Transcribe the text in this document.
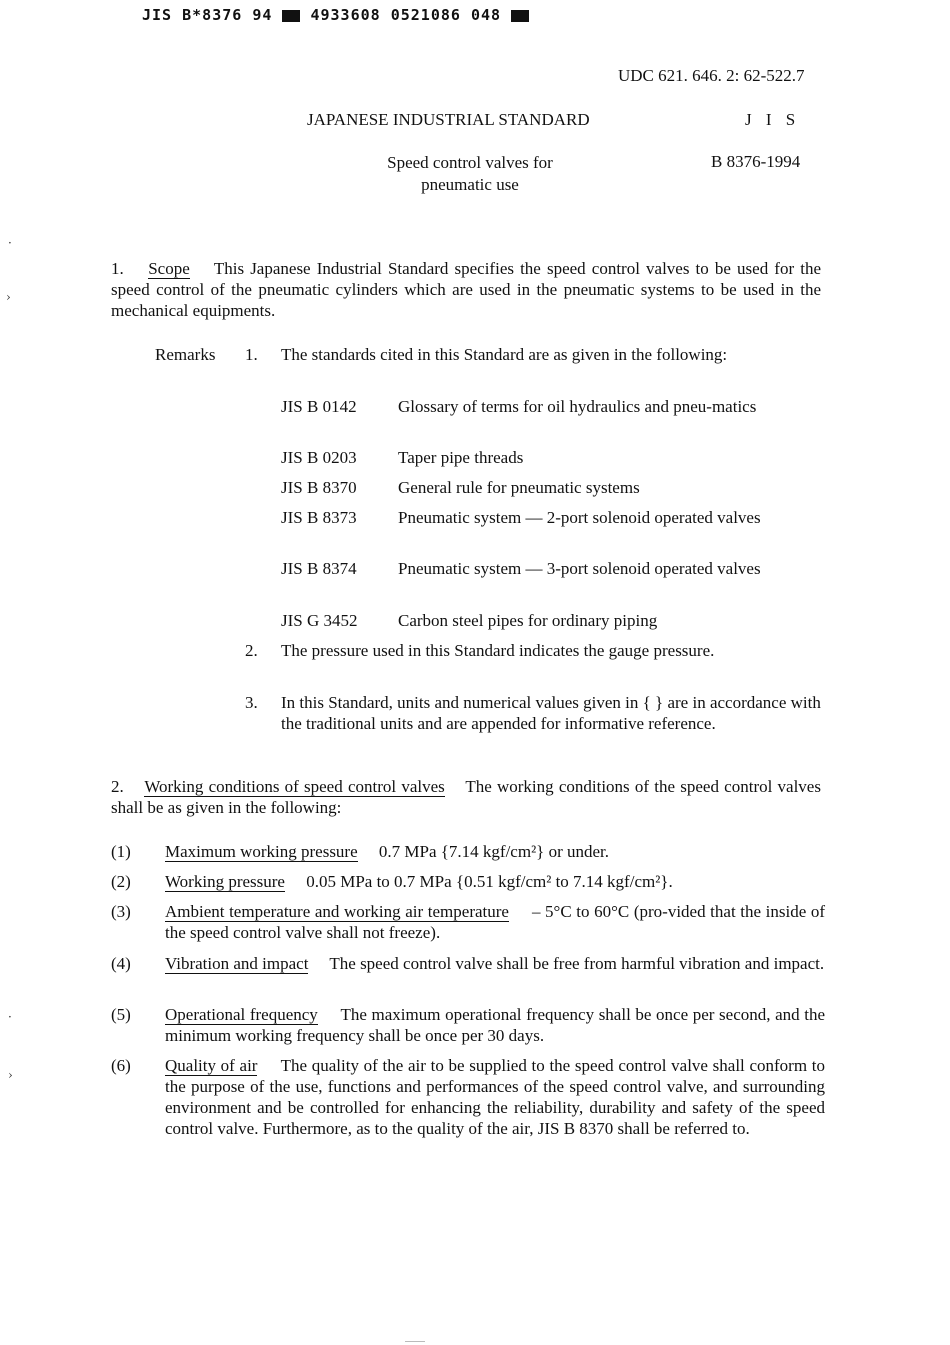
JIS B*8376 94	4933608 0521086 048
UDC 621. 646. 2: 62-522.7
JAPANESE INDUSTRIAL STANDARD	J I S
Speed control valves for
pneumatic use
B 8376-1994
·
›
·
›
1. Scope This Japanese Industrial Standard specifies the speed control valves to be used for the speed control of the pneumatic cylinders which are used in the pneumatic systems to be used in the mechanical equipments.
Remarks 1. The standards cited in this Standard are as given in the following:
JIS B 0142 Glossary of terms for oil hydraulics and pneu-matics
JIS B 0203 Taper pipe threads
JIS B 8370 General rule for pneumatic systems
JIS B 8373 Pneumatic system — 2-port solenoid operated valves
JIS B 8374 Pneumatic system — 3-port solenoid operated valves
JIS G 3452 Carbon steel pipes for ordinary piping
2. The pressure used in this Standard indicates the gauge pressure.
3. In this Standard, units and numerical values given in { } are in accordance with the traditional units and are appended for informative reference.
2. Working conditions of speed control valves The working conditions of the speed control valves shall be as given in the following:
(1) Maximum working pressure 0.7 MPa {7.14 kgf/cm²} or under.
(2) Working pressure 0.05 MPa to 0.7 MPa {0.51 kgf/cm² to 7.14 kgf/cm²}.
(3) Ambient temperature and working air temperature – 5°C to 60°C (pro-vided that the inside of the speed control valve shall not freeze).
(4) Vibration and impact The speed control valve shall be free from harmful vibration and impact.
(5) Operational frequency The maximum operational frequency shall be once per second, and the minimum working frequency shall be once per 30 days.
(6) Quality of air The quality of the air to be supplied to the speed control valve shall conform to the purpose of the use, functions and performances of the speed control valve, and surrounding environment and be controlled for enhancing the reliability, durability and safety of the speed control valve. Furthermore, as to the quality of the air, JIS B 8370 shall be referred to.
